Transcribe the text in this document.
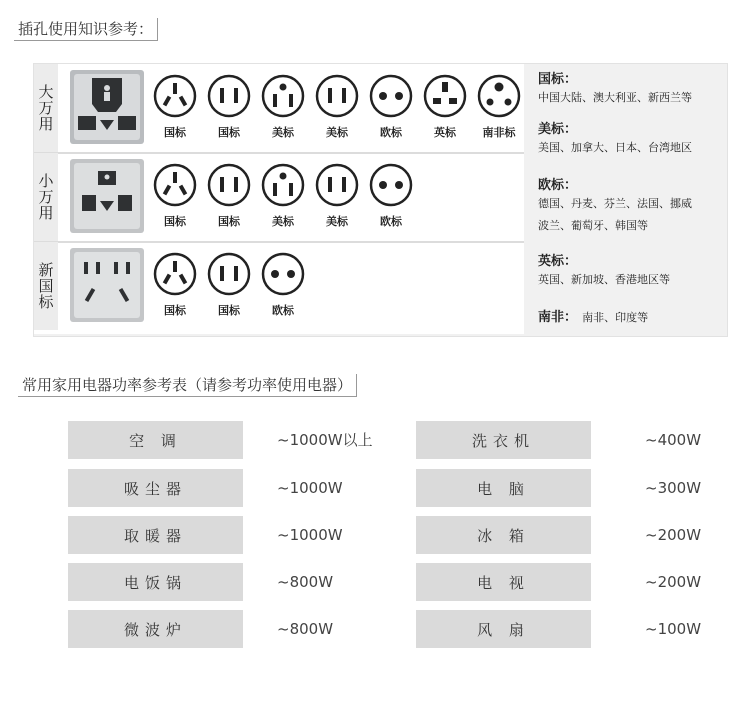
插孔使用知识参考：
大万用
国标	国标	美标	美标	欧标	英标	南非标
小万用
国标	国标	美标	美标	欧标
新国标
国标	国标	欧标
国标：
中国大陆、澳大利亚、新西兰等
美标：
美国、加拿大、日本、台湾地区
欧标：
德国、丹麦、芬兰、法国、挪威
波兰、葡萄牙、韩国等
英标：
英国、新加坡、香港地区等
南非： 南非、印度等
常用家用电器功率参考表（请参考功率使用电器）
空 调	~1000W以上	洗衣机	~400W
吸尘器	~1000W	电 脑	~300W
取暖器	~1000W	冰 箱	~200W
电饭锅	~800W	电 视	~200W
微波炉	~800W	风 扇	~100W
